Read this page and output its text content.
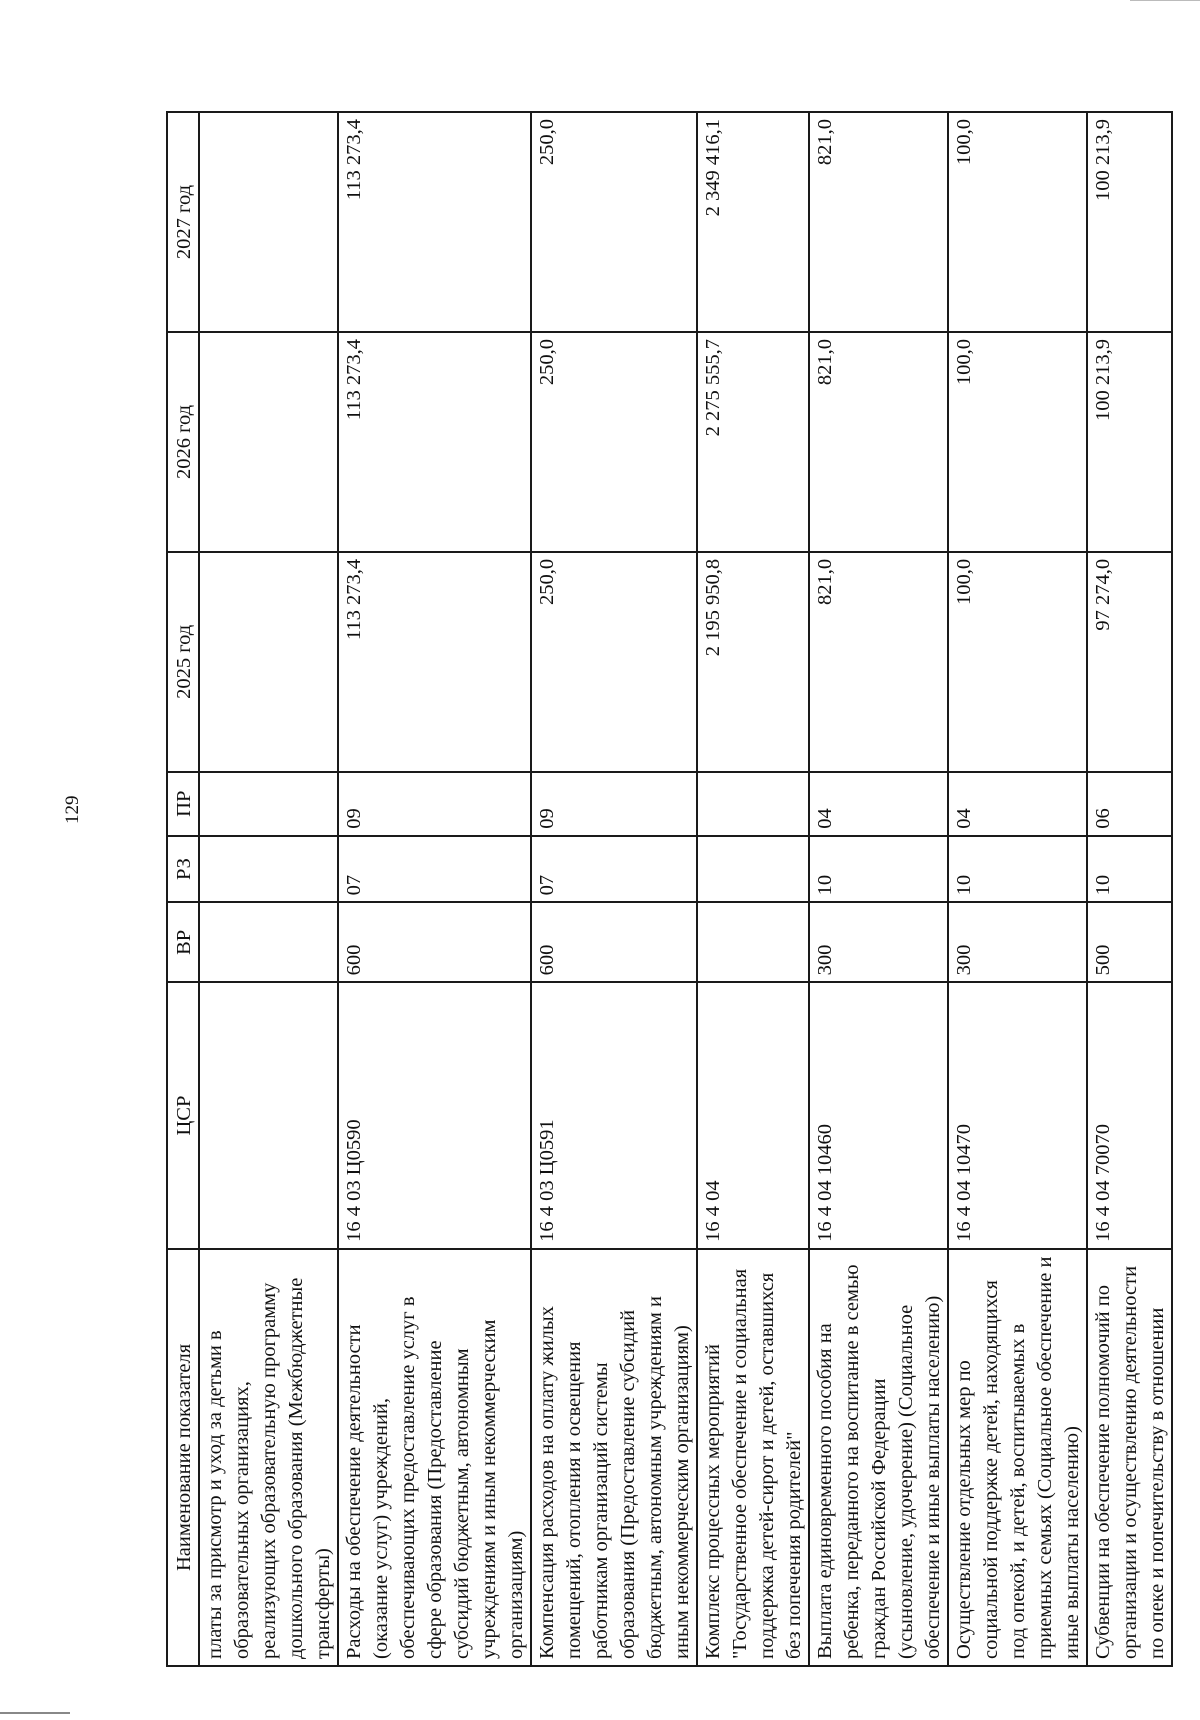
129
Наименование показателя	ЦСР	ВР	РЗ	ПР	2025 год	2026 год	2027 год
платы за присмотр и уход за детьми в образовательных организациях, реализующих образовательную программу дошкольного образования (Межбюджетные трансферты)							
Расходы на обеспечение деятельности (оказание услуг) учреждений, обеспечивающих предоставление услуг в сфере образования (Предоставление субсидий бюджетным, автономным учреждениям и иным некоммерческим организациям)	16 4 03 Ц0590	600	07	09	113 273,4	113 273,4	113 273,4
Компенсация расходов на оплату жилых помещений, отопления и освещения работникам организаций системы образования (Предоставление субсидий бюджетным, автономным учреждениям и иным некоммерческим организациям)	16 4 03 Ц0591	600	07	09	250,0	250,0	250,0
Комплекс процессных мероприятий "Государственное обеспечение и социальная поддержка детей-сирот и детей, оставшихся без попечения родителей"	16 4 04				2 195 950,8	2 275 555,7	2 349 416,1
Выплата единовременного пособия на ребенка, переданного на воспитание в семью граждан Российской Федерации (усыновление, удочерение) (Социальное обеспечение и иные выплаты населению)	16 4 04 10460	300	10	04	821,0	821,0	821,0
Осуществление отдельных мер по социальной поддержке детей, находящихся под опекой, и детей, воспитываемых в приемных семьях (Социальное обеспечение и иные выплаты населению)	16 4 04 10470	300	10	04	100,0	100,0	100,0
Субвенции на обеспечение полномочий по организации и осуществлению деятельности по опеке и попечительству в отношении	16 4 04 70070	500	10	06	97 274,0	100 213,9	100 213,9
